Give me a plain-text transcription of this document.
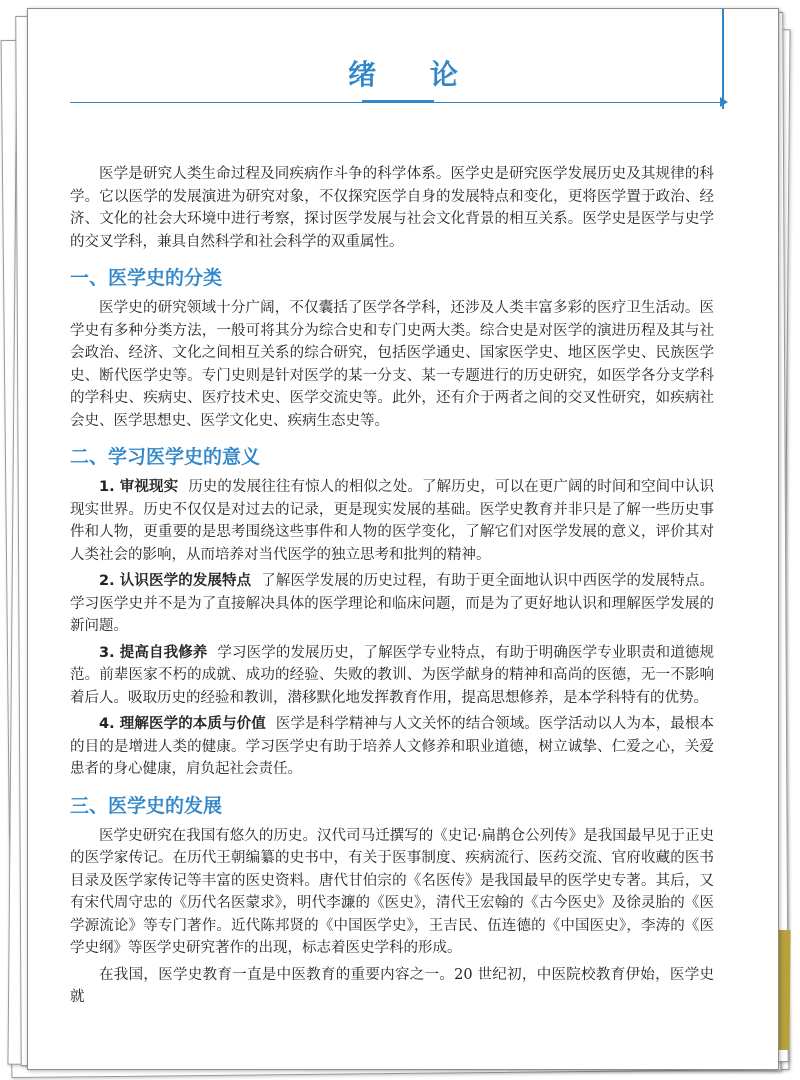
绪 论

医学是研究人类生命过程及同疾病作斗争的科学体系。医学史是研究医学发展历史及其规律的科学。它以医学的发展演进为研究对象，不仅探究医学自身的发展特点和变化，更将医学置于政治、经济、文化的社会大环境中进行考察，探讨医学发展与社会文化背景的相互关系。医学史是医学与史学的交叉学科，兼具自然科学和社会科学的双重属性。

一、医学史的分类

医学史的研究领域十分广阔，不仅囊括了医学各学科，还涉及人类丰富多彩的医疗卫生活动。医学史有多种分类方法，一般可将其分为综合史和专门史两大类。综合史是对医学的演进历程及其与社会政治、经济、文化之间相互关系的综合研究，包括医学通史、国家医学史、地区医学史、民族医学史、断代医学史等。专门史则是针对医学的某一分支、某一专题进行的历史研究，如医学各分支学科的学科史、疾病史、医疗技术史、医学交流史等。此外，还有介于两者之间的交叉性研究，如疾病社会史、医学思想史、医学文化史、疾病生态史等。

二、学习医学史的意义

1. 审视现实 历史的发展往往有惊人的相似之处。了解历史，可以在更广阔的时间和空间中认识现实世界。历史不仅仅是对过去的记录，更是现实发展的基础。医学史教育并非只是了解一些历史事件和人物，更重要的是思考围绕这些事件和人物的医学变化，了解它们对医学发展的意义，评价其对人类社会的影响，从而培养对当代医学的独立思考和批判的精神。

2. 认识医学的发展特点 了解医学发展的历史过程，有助于更全面地认识中西医学的发展特点。学习医学史并不是为了直接解决具体的医学理论和临床问题，而是为了更好地认识和理解医学发展的新问题。

3. 提高自我修养 学习医学的发展历史，了解医学专业特点，有助于明确医学专业职责和道德规范。前辈医家不朽的成就、成功的经验、失败的教训、为医学献身的精神和高尚的医德，无一不影响着后人。吸取历史的经验和教训，潜移默化地发挥教育作用，提高思想修养，是本学科特有的优势。

4. 理解医学的本质与价值 医学是科学精神与人文关怀的结合领域。医学活动以人为本，最根本的目的是增进人类的健康。学习医学史有助于培养人文修养和职业道德，树立诚挚、仁爱之心，关爱患者的身心健康，肩负起社会责任。

三、医学史的发展

医学史研究在我国有悠久的历史。汉代司马迁撰写的《史记·扁鹊仓公列传》是我国最早见于正史的医学家传记。在历代王朝编纂的史书中，有关于医事制度、疾病流行、医药交流、官府收藏的医书目录及医学家传记等丰富的医史资料。唐代甘伯宗的《名医传》是我国最早的医学史专著。其后，又有宋代周守忠的《历代名医蒙求》，明代李濂的《医史》，清代王宏翰的《古今医史》及徐灵胎的《医学源流论》等专门著作。近代陈邦贤的《中国医学史》，王吉民、伍连德的《中国医史》，李涛的《医学史纲》等医学史研究著作的出现，标志着医史学科的形成。

在我国，医学史教育一直是中医教育的重要内容之一。20 世纪初，中医院校教育伊始，医学史就
